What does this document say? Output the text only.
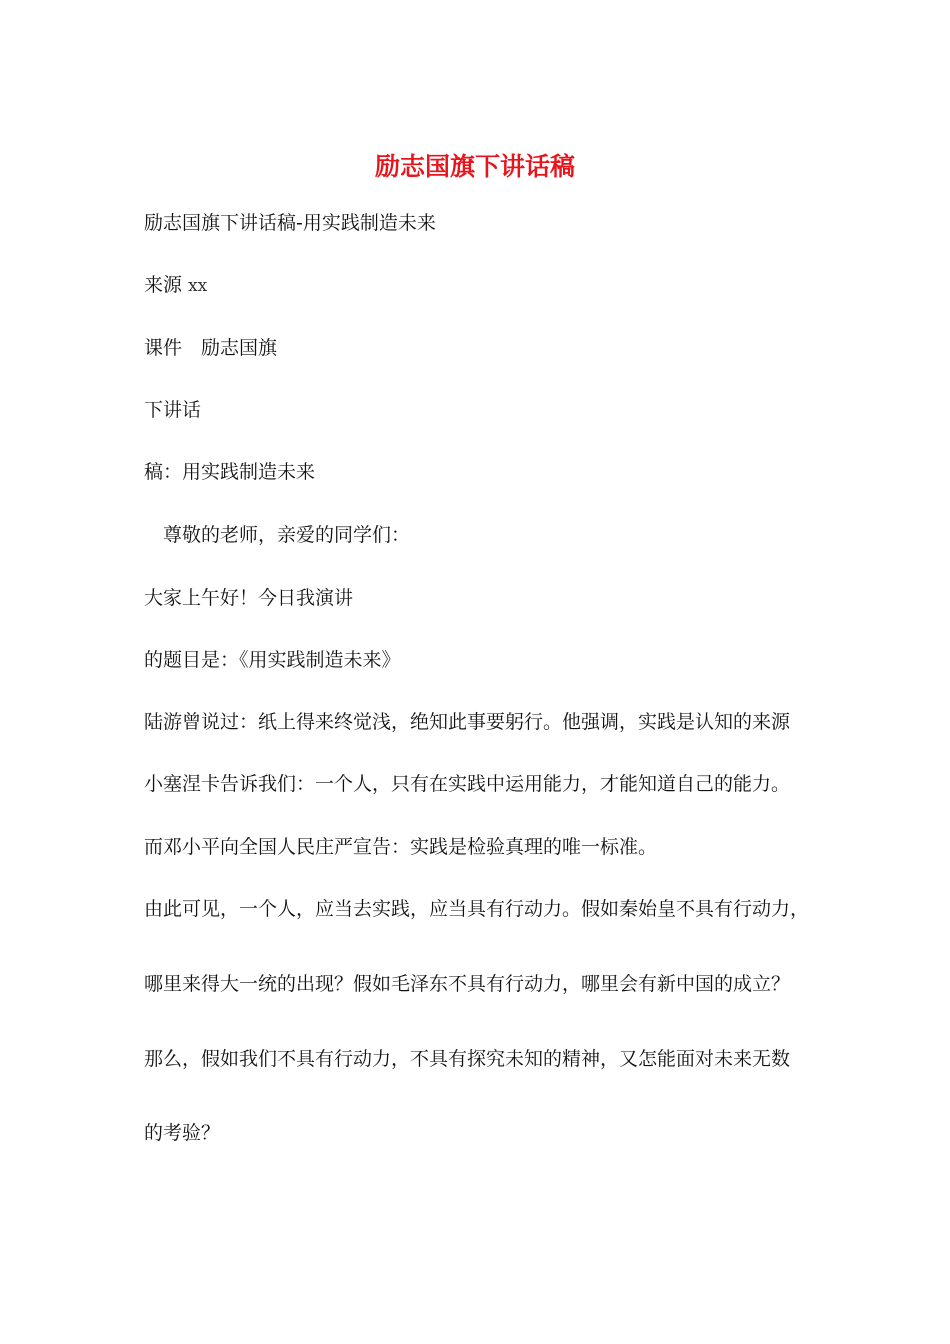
励志国旗下讲话稿
励志国旗下讲话稿-用实践制造未来
来源 xx
课件　励志国旗
下讲话
稿：用实践制造未来
　尊敬的老师，亲爱的同学们：
大家上午好！今日我演讲
的题目是：《用实践制造未来》
陆游曾说过：纸上得来终觉浅，绝知此事要躬行。他强调，实践是认知的来源
小塞涅卡告诉我们：一个人，只有在实践中运用能力，才能知道自己的能力。
而邓小平向全国人民庄严宣告：实践是检验真理的唯一标准。
由此可见，一个人，应当去实践，应当具有行动力。假如秦始皇不具有行动力，
哪里来得大一统的出现？假如毛泽东不具有行动力，哪里会有新中国的成立？
那么，假如我们不具有行动力，不具有探究未知的精神，又怎能面对未来无数
的考验？
